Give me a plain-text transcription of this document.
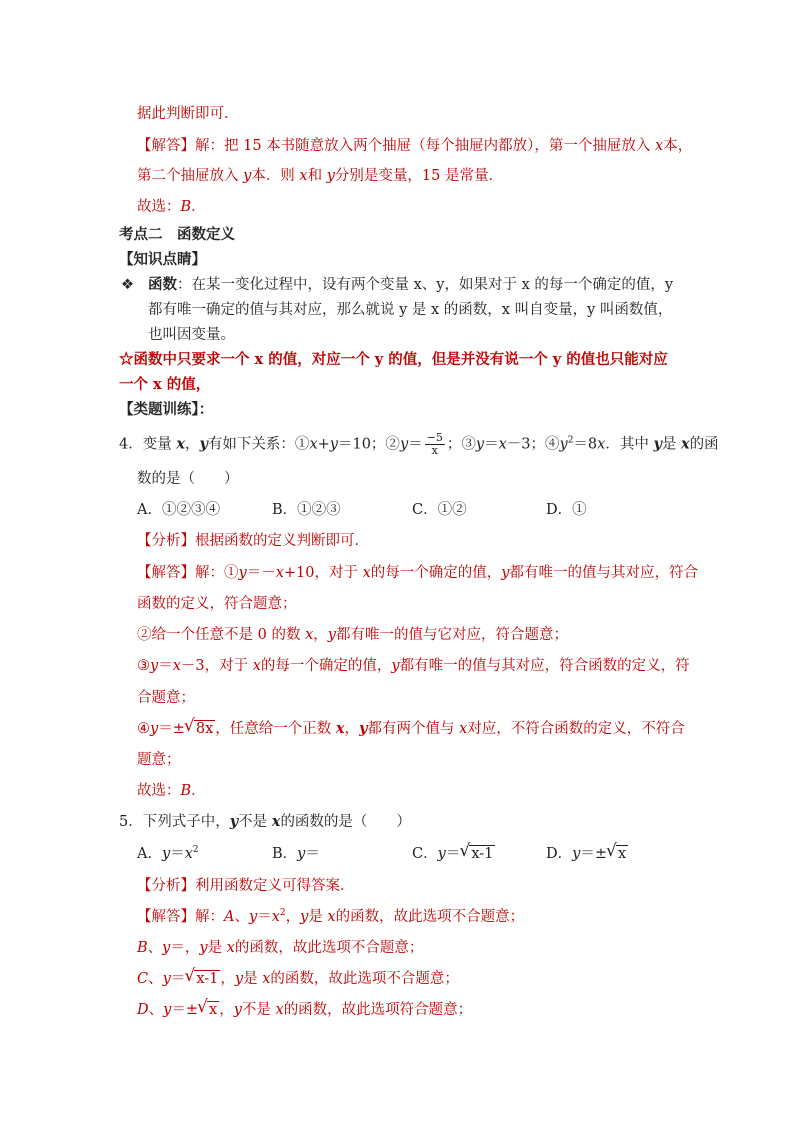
据此判断即可．
【解答】解：把 15 本书随意放入两个抽屉（每个抽屉内都放），第一个抽屉放入 x本，
第二个抽屉放入 y本．则 x和 y分别是变量，15 是常量．
故选：B．
考点二　函数定义
【知识点睛】
❖ 函数：在某一变化过程中，设有两个变量 x、y，如果对于 x 的每一个确定的值，y
都有唯一确定的值与其对应，那么就说 y 是 x 的函数，x 叫自变量，y 叫函数值，
也叫因变量。
☆函数中只要求一个 x 的值，对应一个 y 的值，但是并没有说一个 y 的值也只能对应
一个 x 的值，
【类题训练】：
4．变量 x，y有如下关系：①x+y＝10；②y＝ $\frac{-5}{x}$ ；③y＝x－3；$④y^2=8x$．其中 y是 x的函
数的是（　　）
A．①②③④	B．①②③	C．①②	D．①
【分析】根据函数的定义判断即可．
【解答】解：①y＝－x+10，对于 x的每一个确定的值，y都有唯一的值与其对应，符合
函数的定义，符合题意；
②给一个任意不是 0 的数 x，y都有唯一的值与它对应，符合题意；
③y＝x－3，对于 x的每一个确定的值，y都有唯一的值与其对应，符合函数的定义，符
合题意；
④y＝± √ 8x ，任意给一个正数 x，y都有两个值与 x对应，不符合函数的定义，不符合
题意；
故选：B．
5．下列式子中，y不是 x的函数的是（　　）
A．$y=x^2$	B．y＝	C．y＝ √ x-1	D．y＝± √ x
【分析】利用函数定义可得答案．
【解答】解：A、$y=x^2$，y是 x的函数，故此选项不合题意；
B、y＝，y是 x的函数，故此选项不合题意；
C、y＝ √ x-1 ，y是 x的函数，故此选项不合题意；
D、y＝± √ x ，y不是 x的函数，故此选项符合题意；
